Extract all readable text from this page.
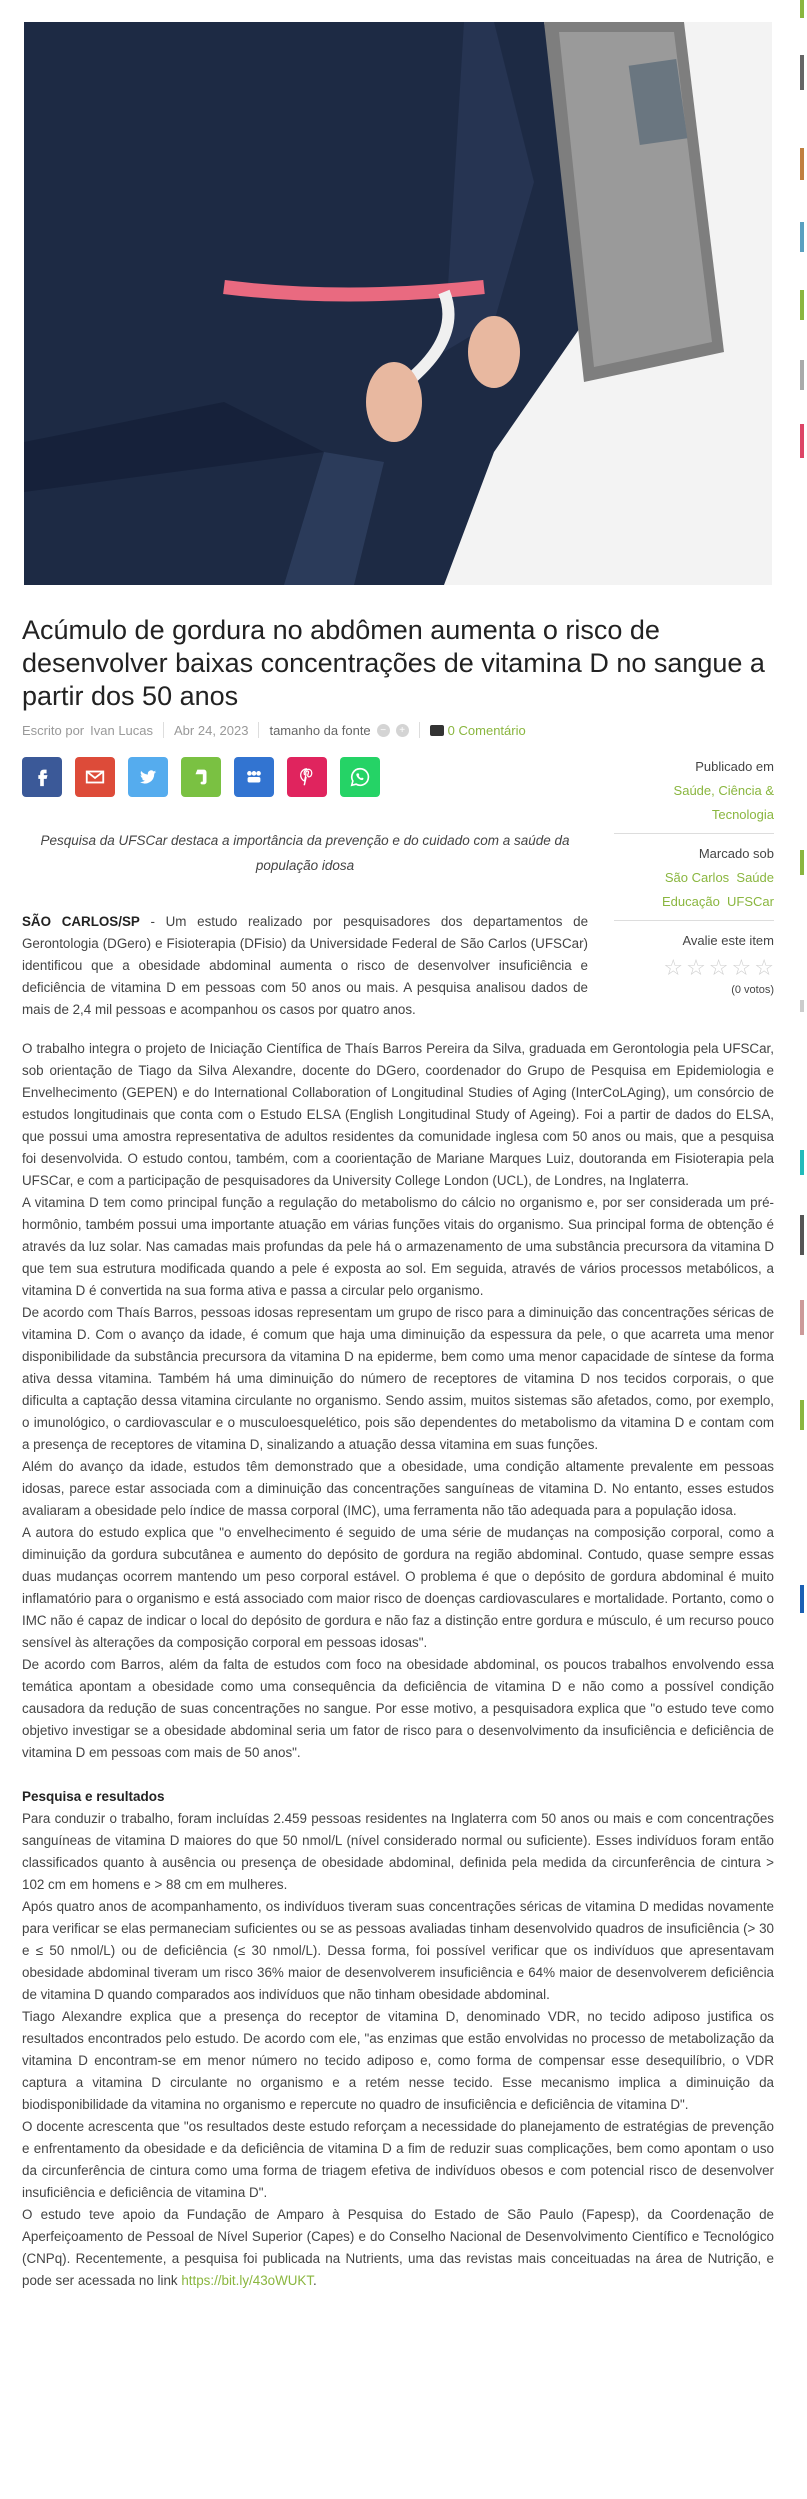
Acúmulo de gordura no abdômen aumenta o risco de desenvolver baixas concentrações de vitamina D no sangue a partir dos 50 anos
Escrito por Ivan Lucas Abr 24, 2023 tamanho da fonte −	+	0 Comentário
Publicado em
Saúde, Ciência &
Tecnologia
Marcado sob
São Carlos Saúde
Educação UFSCar
Avalie este item
☆ ☆ ☆ ☆ ☆
(0 votos)
Pesquisa da UFSCar destaca a importância da prevenção e do cuidado com a saúde da população idosa

SÃO CARLOS/SP - Um estudo realizado por pesquisadores dos departamentos de Gerontologia (DGero) e Fisioterapia (DFisio) da Universidade Federal de São Carlos (UFSCar) identificou que a obesidade abdominal aumenta o risco de desenvolver insuficiência e deficiência de vitamina D em pessoas com 50 anos ou mais. A pesquisa analisou dados de mais de 2,4 mil pessoas e acompanhou os casos por quatro anos.

O trabalho integra o projeto de Iniciação Científica de Thaís Barros Pereira da Silva, graduada em Gerontologia pela UFSCar, sob orientação de Tiago da Silva Alexandre, docente do DGero, coordenador do Grupo de Pesquisa em Epidemiologia e Envelhecimento (GEPEN) e do International Collaboration of Longitudinal Studies of Aging (InterCoLAging), um consórcio de estudos longitudinais que conta com o Estudo ELSA (English Longitudinal Study of Ageing). Foi a partir de dados do ELSA, que possui uma amostra representativa de adultos residentes da comunidade inglesa com 50 anos ou mais, que a pesquisa foi desenvolvida. O estudo contou, também, com a coorientação de Mariane Marques Luiz, doutoranda em Fisioterapia pela UFSCar, e com a participação de pesquisadores da University College London (UCL), de Londres, na Inglaterra.

A vitamina D tem como principal função a regulação do metabolismo do cálcio no organismo e, por ser considerada um pré-hormônio, também possui uma importante atuação em várias funções vitais do organismo. Sua principal forma de obtenção é através da luz solar. Nas camadas mais profundas da pele há o armazenamento de uma substância precursora da vitamina D que tem sua estrutura modificada quando a pele é exposta ao sol. Em seguida, através de vários processos metabólicos, a vitamina D é convertida na sua forma ativa e passa a circular pelo organismo.

De acordo com Thaís Barros, pessoas idosas representam um grupo de risco para a diminuição das concentrações séricas de vitamina D. Com o avanço da idade, é comum que haja uma diminuição da espessura da pele, o que acarreta uma menor disponibilidade da substância precursora da vitamina D na epiderme, bem como uma menor capacidade de síntese da forma ativa dessa vitamina. Também há uma diminuição do número de receptores de vitamina D nos tecidos corporais, o que dificulta a captação dessa vitamina circulante no organismo. Sendo assim, muitos sistemas são afetados, como, por exemplo, o imunológico, o cardiovascular e o musculoesquelético, pois são dependentes do metabolismo da vitamina D e contam com a presença de receptores de vitamina D, sinalizando a atuação dessa vitamina em suas funções.

Além do avanço da idade, estudos têm demonstrado que a obesidade, uma condição altamente prevalente em pessoas idosas, parece estar associada com a diminuição das concentrações sanguíneas de vitamina D. No entanto, esses estudos avaliaram a obesidade pelo índice de massa corporal (IMC), uma ferramenta não tão adequada para a população idosa.

A autora do estudo explica que "o envelhecimento é seguido de uma série de mudanças na composição corporal, como a diminuição da gordura subcutânea e aumento do depósito de gordura na região abdominal. Contudo, quase sempre essas duas mudanças ocorrem mantendo um peso corporal estável. O problema é que o depósito de gordura abdominal é muito inflamatório para o organismo e está associado com maior risco de doenças cardiovasculares e mortalidade. Portanto, como o IMC não é capaz de indicar o local do depósito de gordura e não faz a distinção entre gordura e músculo, é um recurso pouco sensível às alterações da composição corporal em pessoas idosas".

De acordo com Barros, além da falta de estudos com foco na obesidade abdominal, os poucos trabalhos envolvendo essa temática apontam a obesidade como uma consequência da deficiência de vitamina D e não como a possível condição causadora da redução de suas concentrações no sangue. Por esse motivo, a pesquisadora explica que "o estudo teve como objetivo investigar se a obesidade abdominal seria um fator de risco para o desenvolvimento da insuficiência e deficiência de vitamina D em pessoas com mais de 50 anos".

Pesquisa e resultados

Para conduzir o trabalho, foram incluídas 2.459 pessoas residentes na Inglaterra com 50 anos ou mais e com concentrações sanguíneas de vitamina D maiores do que 50 nmol/L (nível considerado normal ou suficiente). Esses indivíduos foram então classificados quanto à ausência ou presença de obesidade abdominal, definida pela medida da circunferência de cintura > 102 cm em homens e > 88 cm em mulheres.

Após quatro anos de acompanhamento, os indivíduos tiveram suas concentrações séricas de vitamina D medidas novamente para verificar se elas permaneciam suficientes ou se as pessoas avaliadas tinham desenvolvido quadros de insuficiência (> 30 e ≤ 50 nmol/L) ou de deficiência (≤ 30 nmol/L). Dessa forma, foi possível verificar que os indivíduos que apresentavam obesidade abdominal tiveram um risco 36% maior de desenvolverem insuficiência e 64% maior de desenvolverem deficiência de vitamina D quando comparados aos indivíduos que não tinham obesidade abdominal.

Tiago Alexandre explica que a presença do receptor de vitamina D, denominado VDR, no tecido adiposo justifica os resultados encontrados pelo estudo. De acordo com ele, "as enzimas que estão envolvidas no processo de metabolização da vitamina D encontram-se em menor número no tecido adiposo e, como forma de compensar esse desequilíbrio, o VDR captura a vitamina D circulante no organismo e a retém nesse tecido. Esse mecanismo implica a diminuição da biodisponibilidade da vitamina no organismo e repercute no quadro de insuficiência e deficiência de vitamina D".

O docente acrescenta que "os resultados deste estudo reforçam a necessidade do planejamento de estratégias de prevenção e enfrentamento da obesidade e da deficiência de vitamina D a fim de reduzir suas complicações, bem como apontam o uso da circunferência de cintura como uma forma de triagem efetiva de indivíduos obesos e com potencial risco de desenvolver insuficiência e deficiência de vitamina D".

O estudo teve apoio da Fundação de Amparo à Pesquisa do Estado de São Paulo (Fapesp), da Coordenação de Aperfeiçoamento de Pessoal de Nível Superior (Capes) e do Conselho Nacional de Desenvolvimento Científico e Tecnológico (CNPq). Recentemente, a pesquisa foi publicada na Nutrients, uma das revistas mais conceituadas na área de Nutrição, e pode ser acessada no link https://bit.ly/43oWUKT.
